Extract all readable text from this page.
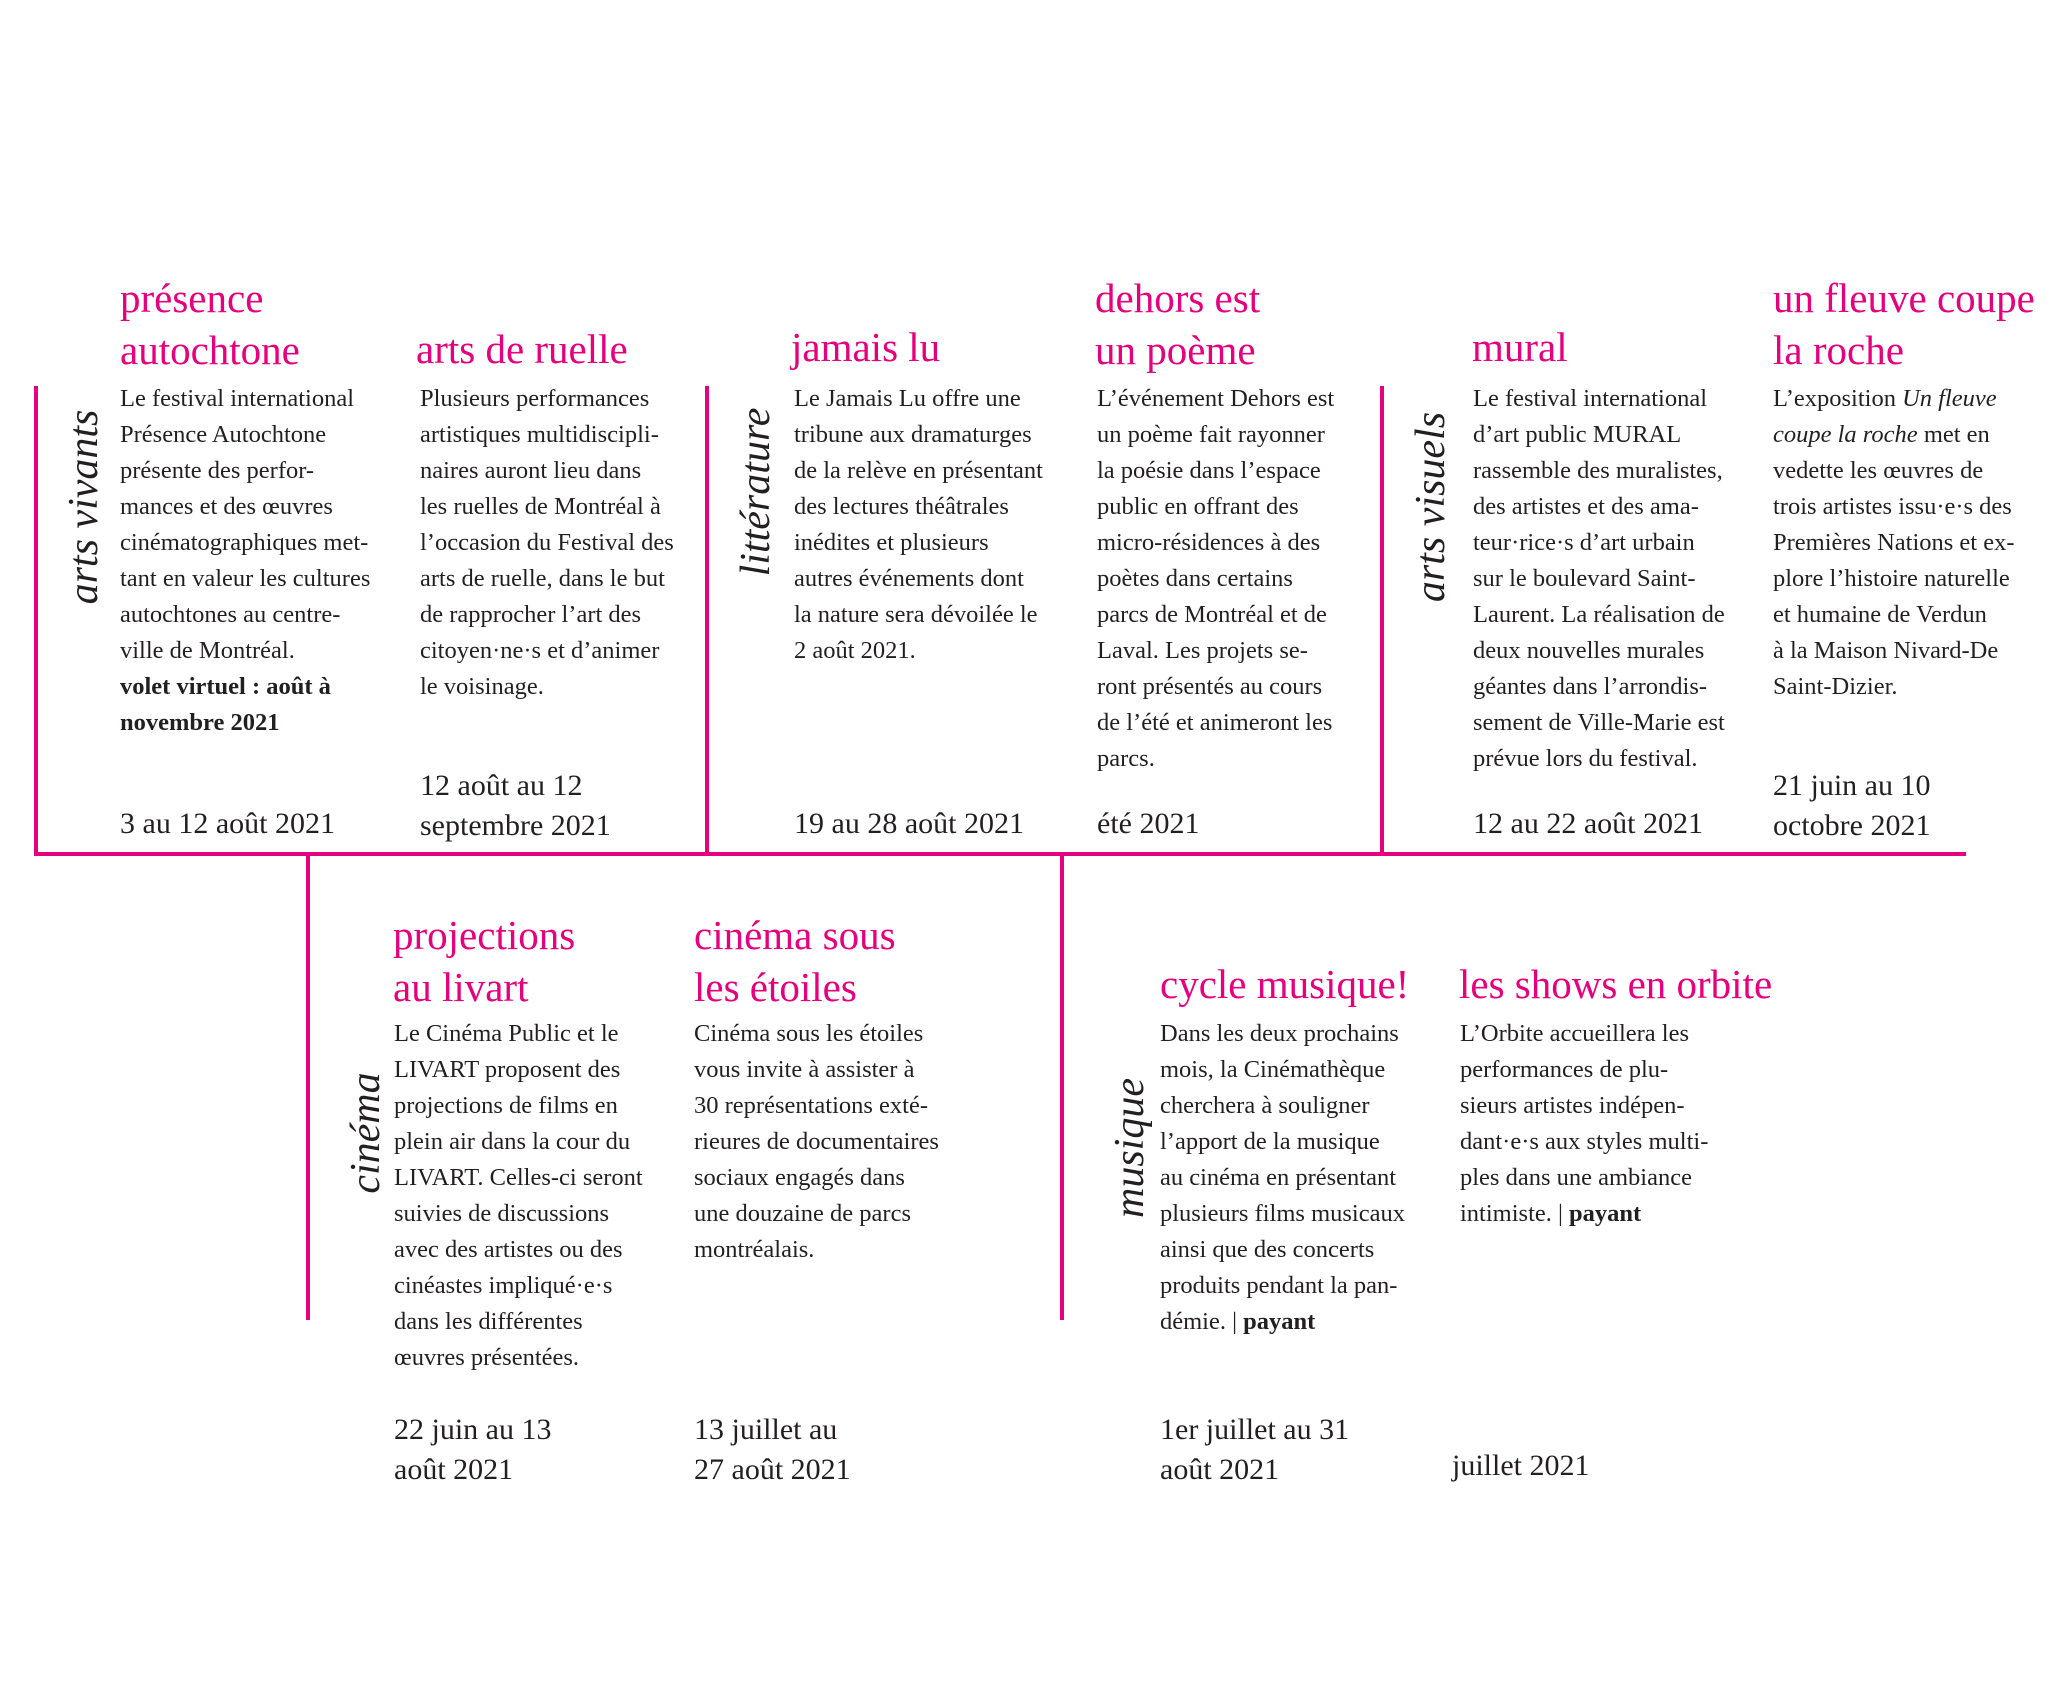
arts vivants	littérature	arts visuels
cinéma	musique
présence
autochtone
Le festival international
Présence Autochtone
présente des perfor-
mances et des œuvres
cinématographiques met-
tant en valeur les cultures
autochtones au centre-
ville de Montréal.
volet virtuel : août à
novembre 2021
3 au 12 août 2021
arts de ruelle
Plusieurs performances
artistiques multidiscipli-
naires auront lieu dans
les ruelles de Montréal à
l’occasion du Festival des
arts de ruelle, dans le but
de rapprocher l’art des
citoyen·ne·s et d’animer
le voisinage.
12 août au 12
septembre 2021
jamais lu
Le Jamais Lu offre une
tribune aux dramaturges
de la relève en présentant
des lectures théâtrales
inédites et plusieurs
autres événements dont
la nature sera dévoilée le
2 août 2021.
19 au 28 août 2021
dehors est
un poème
L’événement Dehors est
un poème fait rayonner
la poésie dans l’espace
public en offrant des
micro-résidences à des
poètes dans certains
parcs de Montréal et de
Laval. Les projets se-
ront présentés au cours
de l’été et animeront les
parcs.
été 2021
mural
Le festival international
d’art public MURAL
rassemble des muralistes,
des artistes et des ama-
teur·rice·s d’art urbain
sur le boulevard Saint-
Laurent. La réalisation de
deux nouvelles murales
géantes dans l’arrondis-
sement de Ville-Marie est
prévue lors du festival.
12 au 22 août 2021
un fleuve coupe
la roche
L’exposition Un fleuve
coupe la roche met en
vedette les œuvres de
trois artistes issu·e·s des
Premières Nations et ex-
plore l’histoire naturelle
et humaine de Verdun
à la Maison Nivard-De
Saint-Dizier.
21 juin au 10
octobre 2021
projections
au livart
Le Cinéma Public et le
LIVART proposent des
projections de films en
plein air dans la cour du
LIVART. Celles-ci seront
suivies de discussions
avec des artistes ou des
cinéastes impliqué·e·s
dans les différentes
œuvres présentées.
22 juin au 13
août 2021
cinéma sous
les étoiles
Cinéma sous les étoiles
vous invite à assister à
30 représentations exté-
rieures de documentaires
sociaux engagés dans
une douzaine de parcs
montréalais.
13 juillet au
27 août 2021
cycle musique!
Dans les deux prochains
mois, la Cinémathèque
cherchera à souligner
l’apport de la musique
au cinéma en présentant
plusieurs films musicaux
ainsi que des concerts
produits pendant la pan-
démie. | payant
1er juillet au 31
août 2021
les shows en orbite
L’Orbite accueillera les
performances de plu-
sieurs artistes indépen-
dant·e·s aux styles multi-
ples dans une ambiance
intimiste. | payant
juillet 2021
